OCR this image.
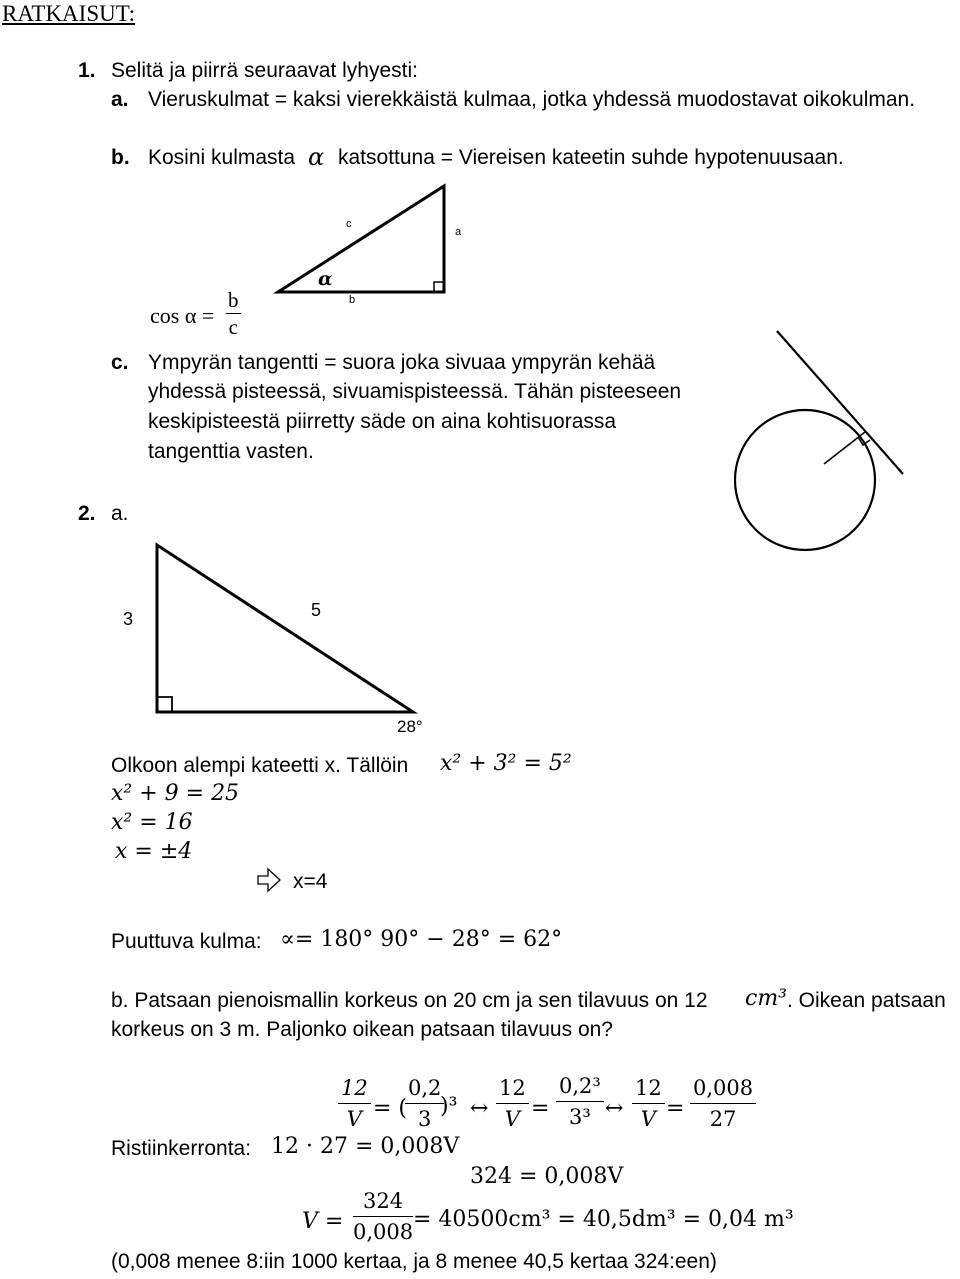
RATKAISUT:
1. Selitä ja piirrä seuraavat lyhyesti:
a. Vieruskulmat = kaksi vierekkäistä kulmaa, jotka yhdessä muodostavat oikokulman.
b. Kosini kulmasta α katsottuna = Viereisen kateetin suhde hypotenuusaan.
c
a
b
α
$\cos \alpha = \frac{b}{c}$
c. Ympyrän tangentti = suora joka sivuaa ympyrän kehää
yhdessä pisteessä, sivuamispisteessä. Tähän pisteeseen
keskipisteestä piirretty säde on aina kohtisuorassa
tangenttia vasten.
2. a.
3	5
28°
Olkoon alempi kateetti x. Tällöin x² + 3² = 5²
x² + 9 = 25
x² = 16
x = ±4
x=4
Puuttuva kulma: ∝= 180° 90° − 28° = 62°
b. Patsaan pienoismallin korkeus on 20 cm ja sen tilavuus on 12 cm³ . Oikean patsaan
korkeus on 3 m. Paljonko oikean patsaan tilavuus on?
$\frac{12}{V}$ = (
$\frac{0,2}{3}$
)³ ↔ $\frac{12}{V} = \frac{\text{0,2³}}{\text{3³}}$ ↔ $\frac{12}{V} = \frac{0,008}{27}$
Ristiinkerronta: 12 · 27 = 0,008V
324 = 0,008V
$V = \frac{324}{0,008} = 40500cm^3 = 40,5dm^3 = 0,04$ m³
(0,008 menee 8:iin 1000 kertaa, ja 8 menee 40,5 kertaa 324:een)
